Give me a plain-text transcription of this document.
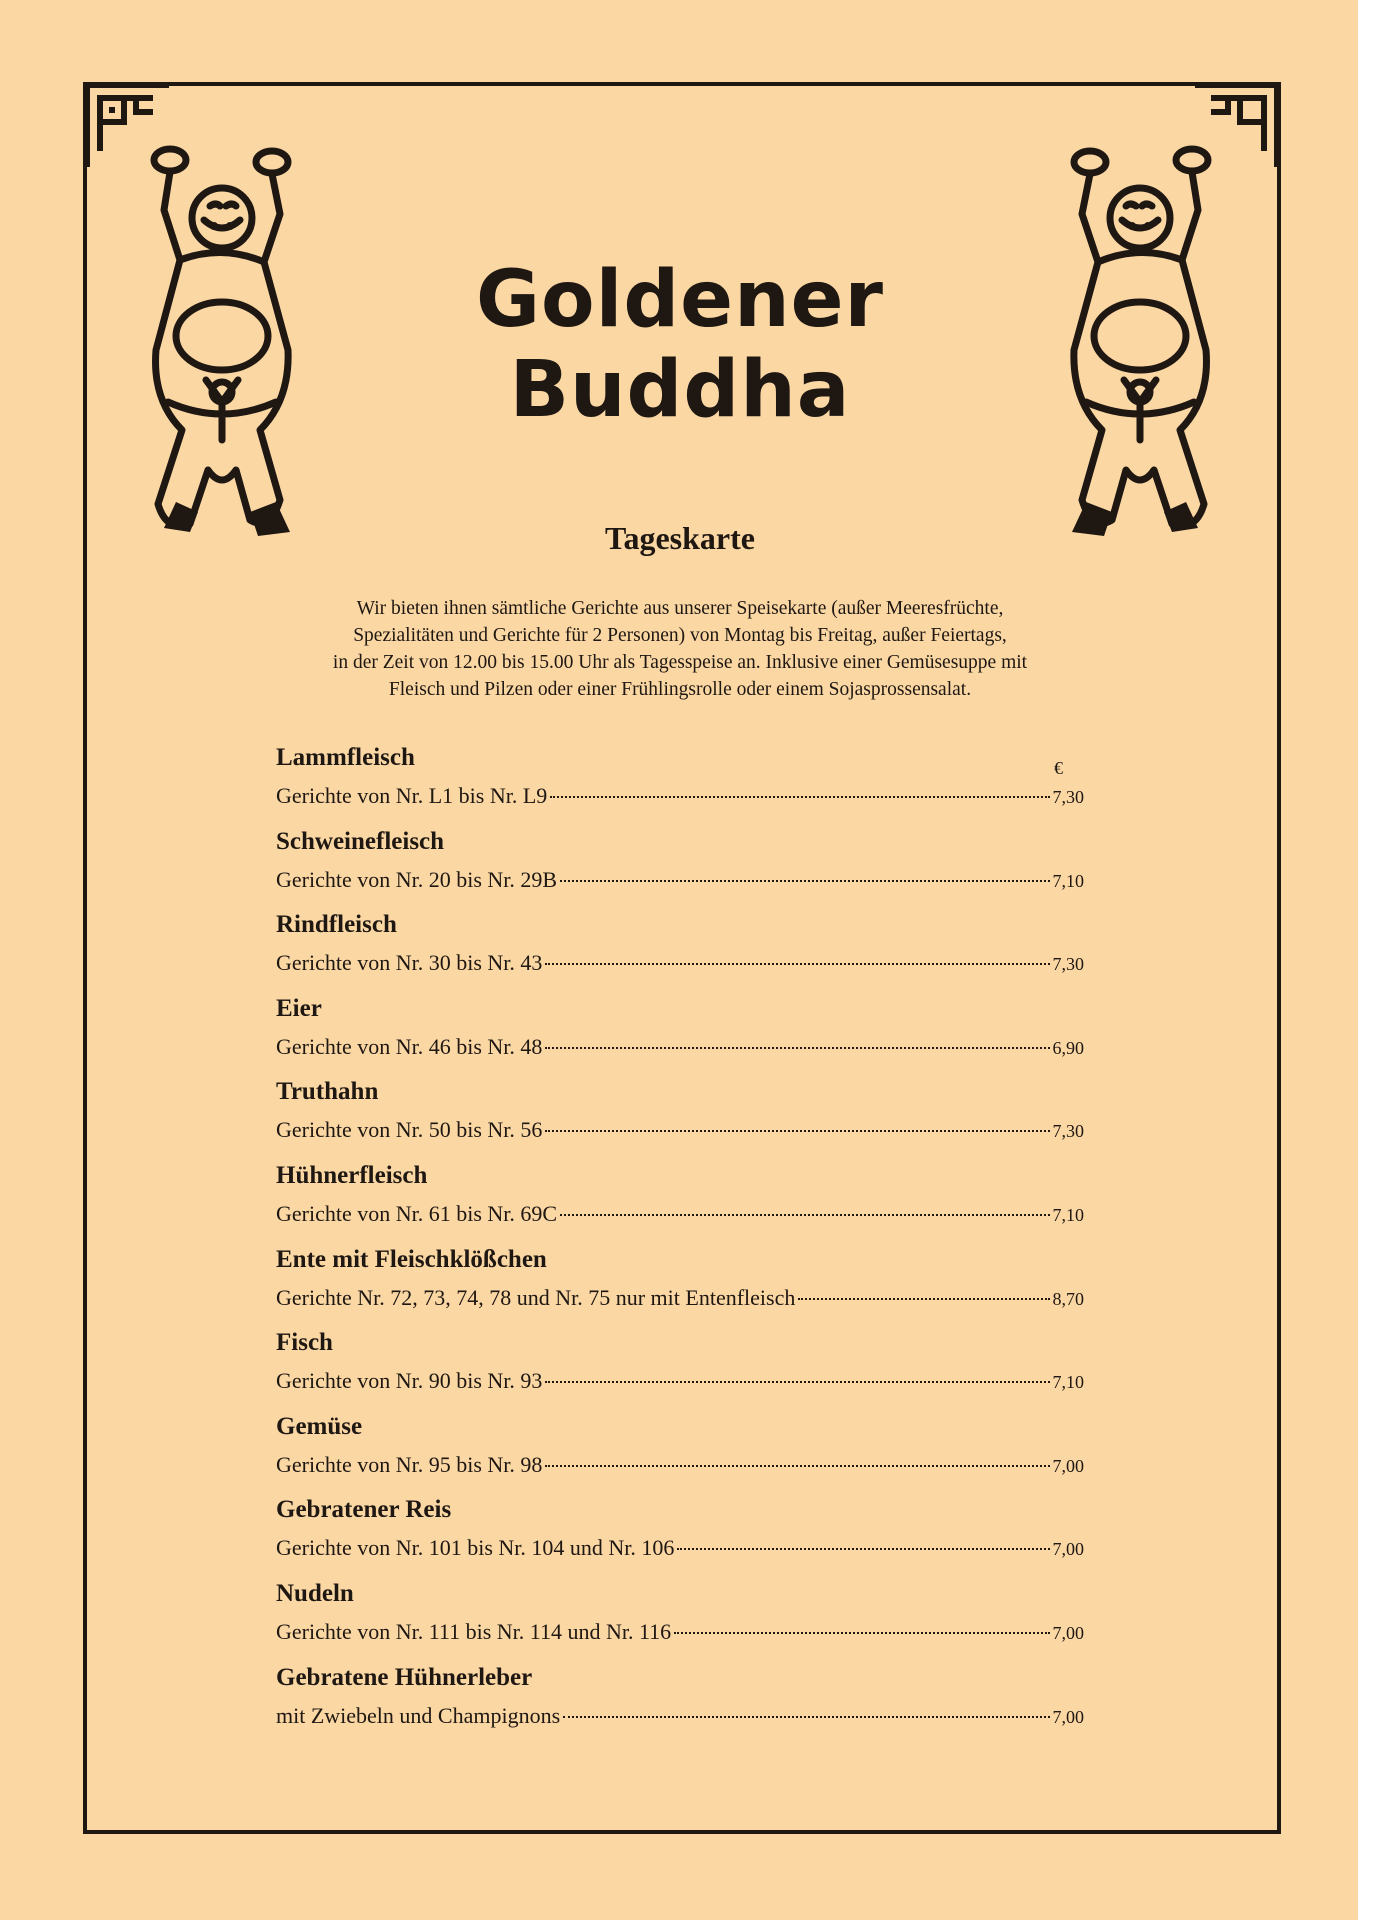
Goldener Buddha
Tageskarte
Wir bieten ihnen sämtliche Gerichte aus unserer Speisekarte (außer Meeresfrüchte,
Spezialitäten und Gerichte für 2 Personen) von Montag bis Freitag, außer Feiertags,
in der Zeit von 12.00 bis 15.00 Uhr als Tagesspeise an. Inklusive einer Gemüsesuppe mit
Fleisch und Pilzen oder einer Frühlingsrolle oder einem Sojasprossensalat.
€
Lammfleisch
Gerichte von Nr. L1 bis Nr. L9	7,30
Schweinefleisch
Gerichte von Nr. 20 bis Nr. 29B	7,10
Rindfleisch
Gerichte von Nr. 30 bis Nr. 43	7,30
Eier
Gerichte von Nr. 46 bis Nr. 48	6,90
Truthahn
Gerichte von Nr. 50 bis Nr. 56	7,30
Hühnerfleisch
Gerichte von Nr. 61 bis Nr. 69C	7,10
Ente mit Fleischklößchen
Gerichte Nr. 72, 73, 74, 78 und Nr. 75 nur mit Entenfleisch	8,70
Fisch
Gerichte von Nr. 90 bis Nr. 93	7,10
Gemüse
Gerichte von Nr. 95 bis Nr. 98	7,00
Gebratener Reis
Gerichte von Nr. 101 bis Nr. 104 und Nr. 106	7,00
Nudeln
Gerichte von Nr. 111 bis Nr. 114 und Nr. 116	7,00
Gebratene Hühnerleber
mit Zwiebeln und Champignons	7,00
